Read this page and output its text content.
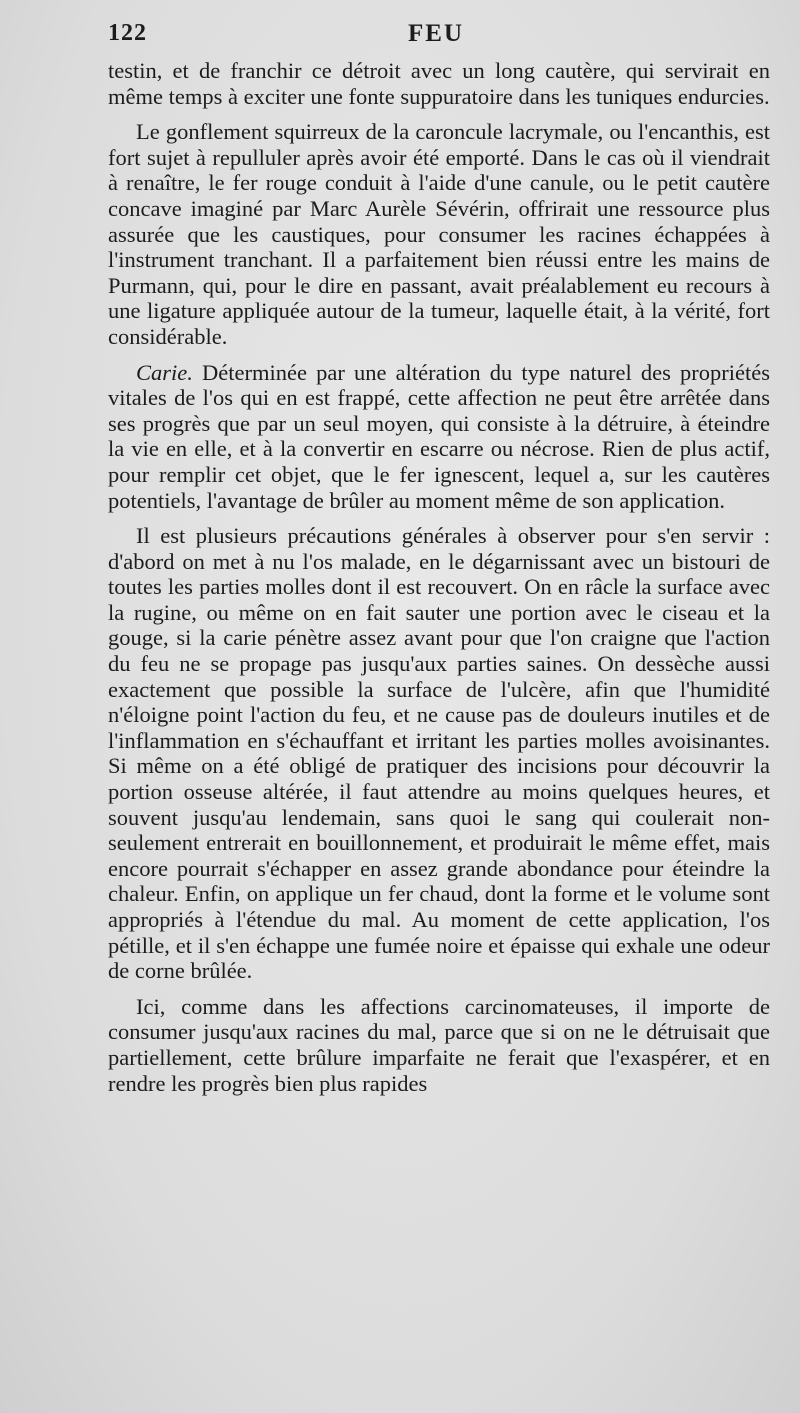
122	FEU

testin, et de franchir ce détroit avec un long cautère, qui servirait en même temps à exciter une fonte suppuratoire dans les tuniques endurcies.

Le gonflement squirreux de la caroncule lacrymale, ou l'encanthis, est fort sujet à repulluler après avoir été emporté. Dans le cas où il viendrait à renaître, le fer rouge conduit à l'aide d'une canule, ou le petit cautère concave imaginé par Marc Aurèle Sévérin, offrirait une ressource plus assurée que les caustiques, pour consumer les racines échappées à l'instrument tranchant. Il a parfaitement bien réussi entre les mains de Purmann, qui, pour le dire en passant, avait préalablement eu recours à une ligature appliquée autour de la tumeur, laquelle était, à la vérité, fort considérable.

Carie. Déterminée par une altération du type naturel des propriétés vitales de l'os qui en est frappé, cette affection ne peut être arrêtée dans ses progrès que par un seul moyen, qui consiste à la détruire, à éteindre la vie en elle, et à la convertir en escarre ou nécrose. Rien de plus actif, pour remplir cet objet, que le fer ignescent, lequel a, sur les cautères potentiels, l'avantage de brûler au moment même de son application.

Il est plusieurs précautions générales à observer pour s'en servir : d'abord on met à nu l'os malade, en le dégarnissant avec un bistouri de toutes les parties molles dont il est recouvert. On en râcle la surface avec la rugine, ou même on en fait sauter une portion avec le ciseau et la gouge, si la carie pénètre assez avant pour que l'on craigne que l'action du feu ne se propage pas jusqu'aux parties saines. On dessèche aussi exactement que possible la surface de l'ulcère, afin que l'humidité n'éloigne point l'action du feu, et ne cause pas de douleurs inutiles et de l'inflammation en s'échauffant et irritant les parties molles avoisinantes. Si même on a été obligé de pratiquer des incisions pour découvrir la portion osseuse altérée, il faut attendre au moins quelques heures, et souvent jusqu'au lendemain, sans quoi le sang qui coulerait non-seulement entrerait en bouillonnement, et produirait le même effet, mais encore pourrait s'échapper en assez grande abondance pour éteindre la chaleur. Enfin, on applique un fer chaud, dont la forme et le volume sont appropriés à l'étendue du mal. Au moment de cette application, l'os pétille, et il s'en échappe une fumée noire et épaisse qui exhale une odeur de corne brûlée.

Ici, comme dans les affections carcinomateuses, il importe de consumer jusqu'aux racines du mal, parce que si on ne le détruisait que partiellement, cette brûlure imparfaite ne ferait que l'exaspérer, et en rendre les progrès bien plus rapides
